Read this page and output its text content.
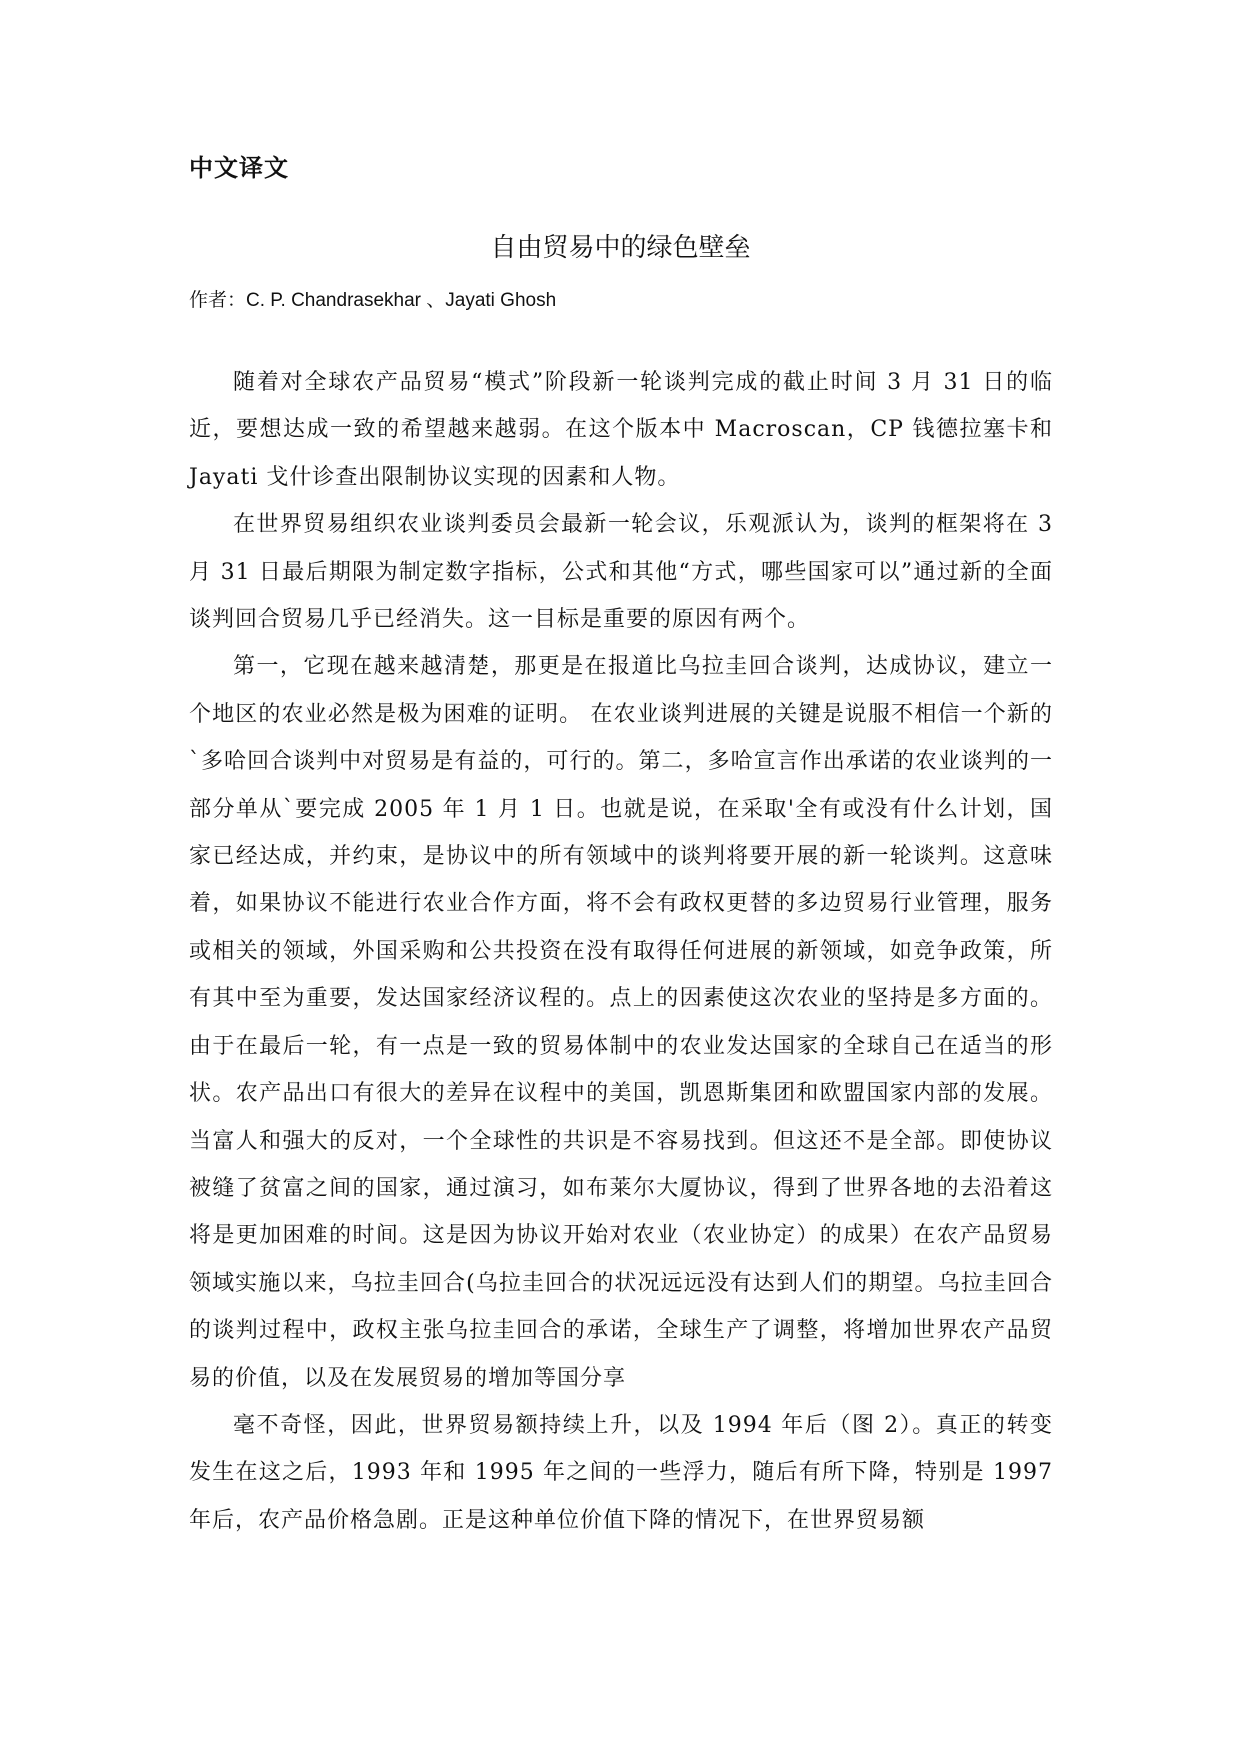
中文译文
自由贸易中的绿色壁垒

作者：C. P. Chandrasekhar 、Jayati Ghosh

随着对全球农产品贸易“模式”阶段新一轮谈判完成的截止时间 3 月 31 日的临近，要想达成一致的希望越来越弱。在这个版本中 Macroscan，CP 钱德拉塞卡和 Jayati 戈什诊查出限制协议实现的因素和人物。

在世界贸易组织农业谈判委员会最新一轮会议，乐观派认为，谈判的框架将在 3 月 31 日最后期限为制定数字指标，公式和其他“方式，哪些国家可以”通过新的全面谈判回合贸易几乎已经消失。这一目标是重要的原因有两个。

第一，它现在越来越清楚，那更是在报道比乌拉圭回合谈判，达成协议，建立一个地区的农业必然是极为困难的证明。 在农业谈判进展的关键是说服不相信一个新的`多哈回合谈判中对贸易是有益的，可行的。第二，多哈宣言作出承诺的农业谈判的一部分单从`要完成 2005 年 1 月 1 日。也就是说，在采取'全有或没有什么计划，国家已经达成，并约束，是协议中的所有领域中的谈判将要开展的新一轮谈判。这意味着，如果协议不能进行农业合作方面，将不会有政权更替的多边贸易行业管理，服务或相关的领域，外国采购和公共投资在没有取得任何进展的新领域，如竞争政策，所有其中至为重要，发达国家经济议程的。点上的因素使这次农业的坚持是多方面的。由于在最后一轮，有一点是一致的贸易体制中的农业发达国家的全球自己在适当的形状。农产品出口有很大的差异在议程中的美国，凯恩斯集团和欧盟国家内部的发展。当富人和强大的反对，一个全球性的共识是不容易找到。但这还不是全部。即使协议被缝了贫富之间的国家，通过演习，如布莱尔大厦协议，得到了世界各地的去沿着这将是更加困难的时间。这是因为协议开始对农业（农业协定）的成果）在农产品贸易领域实施以来，乌拉圭回合(乌拉圭回合的状况远远没有达到人们的期望。乌拉圭回合的谈判过程中，政权主张乌拉圭回合的承诺，全球生产了调整，将增加世界农产品贸易的价值，以及在发展贸易的增加等国分享

毫不奇怪，因此，世界贸易额持续上升，以及 1994 年后（图 2）。真正的转变发生在这之后，1993 年和 1995 年之间的一些浮力，随后有所下降，特别是 1997 年后，农产品价格急剧。正是这种单位价值下降的情况下，在世界贸易额
